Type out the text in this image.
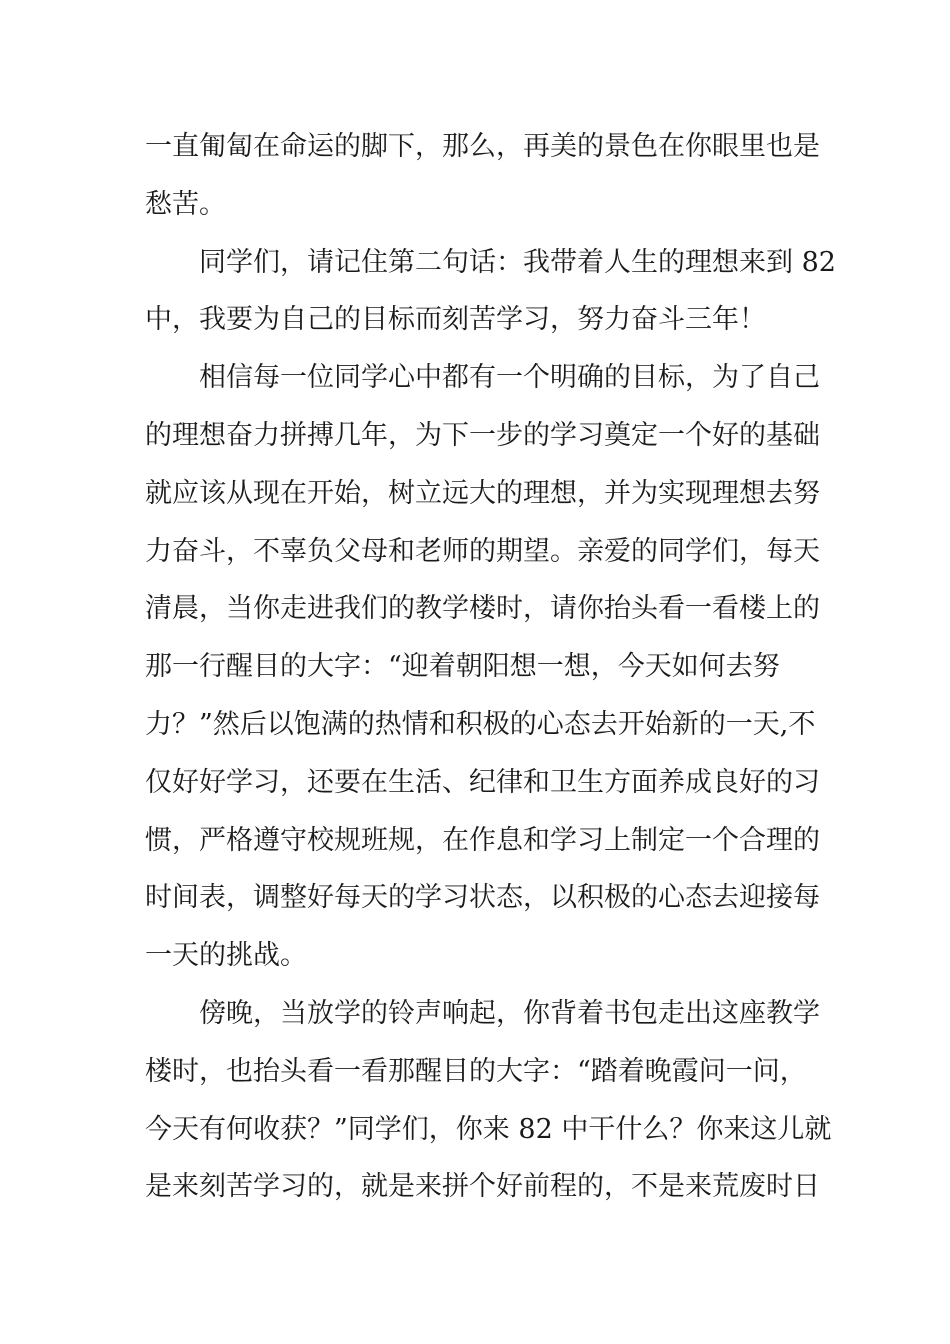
一直匍匐在命运的脚下，那么，再美的景色在你眼里也是
愁苦。
同学们，请记住第二句话：我带着人生的理想来到 82
中，我要为自己的目标而刻苦学习，努力奋斗三年！
相信每一位同学心中都有一个明确的目标，为了自己
的理想奋力拼搏几年，为下一步的学习奠定一个好的基础
就应该从现在开始，树立远大的理想，并为实现理想去努
力奋斗，不辜负父母和老师的期望。亲爱的同学们，每天
清晨，当你走进我们的教学楼时，请你抬头看一看楼上的
那一行醒目的大字：“迎着朝阳想一想，今天如何去努
力？”然后以饱满的热情和积极的心态去开始新的一天,不
仅好好学习，还要在生活、纪律和卫生方面养成良好的习
惯，严格遵守校规班规，在作息和学习上制定一个合理的
时间表，调整好每天的学习状态，以积极的心态去迎接每
一天的挑战。
傍晚，当放学的铃声响起，你背着书包走出这座教学
楼时，也抬头看一看那醒目的大字：“踏着晚霞问一问，
今天有何收获？”同学们，你来 82 中干什么？你来这儿就
是来刻苦学习的，就是来拼个好前程的，不是来荒废时日
